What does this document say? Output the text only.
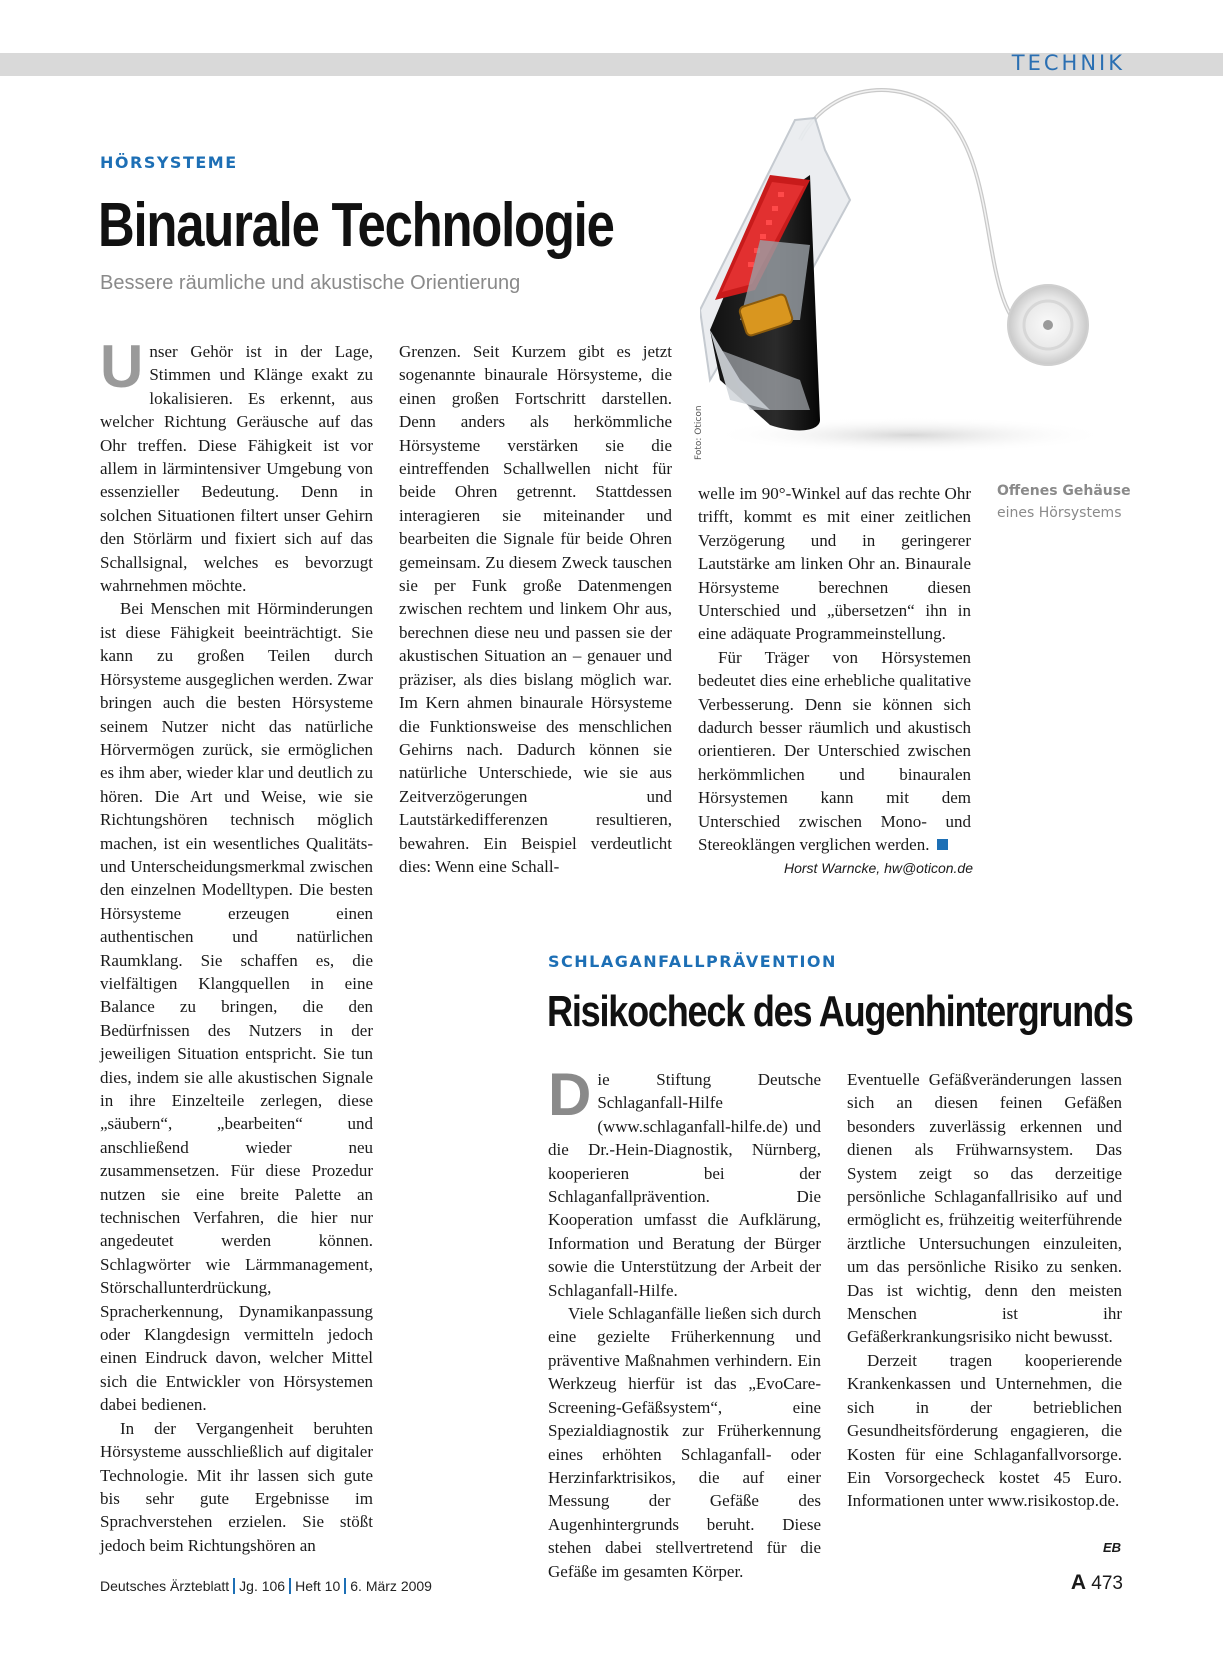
TECHNIK
HÖRSYSTEME
Binaurale Technologie
Bessere räumliche und akustische Orientierung
Foto: Oticon
Offenes Gehäuse
eines Hörsystems

Unser Gehör ist in der Lage, Stimmen und Klänge exakt zu lokalisieren. Es erkennt, aus welcher Richtung Geräusche auf das Ohr treffen. Diese Fähigkeit ist vor allem in lärmintensiver Umgebung von essenzieller Bedeutung. Denn in solchen Situationen filtert unser Gehirn den Störlärm und fixiert sich auf das Schallsignal, welches es bevorzugt wahrnehmen möchte.

Bei Menschen mit Hörminderungen ist diese Fähigkeit beeinträchtigt. Sie kann zu großen Teilen durch Hörsysteme ausgeglichen werden. Zwar bringen auch die besten Hörsysteme seinem Nutzer nicht das natürliche Hörvermögen zurück, sie ermöglichen es ihm aber, wieder klar und deutlich zu hören. Die Art und Weise, wie sie Richtungshören technisch möglich machen, ist ein wesentliches Qualitäts- und Unterscheidungsmerkmal zwischen den einzelnen Modelltypen. Die besten Hörsysteme erzeugen einen authentischen und natürlichen Raumklang. Sie schaffen es, die vielfältigen Klangquellen in eine Balance zu bringen, die den Bedürfnissen des Nutzers in der jeweiligen Situation entspricht. Sie tun dies, indem sie alle akustischen Signale in ihre Einzelteile zerlegen, diese „säubern“, „bearbeiten“ und anschließend wieder neu zusammensetzen. Für diese Prozedur nutzen sie eine breite Palette an technischen Verfahren, die hier nur angedeutet werden können. Schlagwörter wie Lärmmanagement, Störschallunterdrückung, Spracherkennung, Dynamikanpassung oder Klangdesign vermitteln jedoch einen Eindruck davon, welcher Mittel sich die Entwickler von Hörsystemen dabei bedienen.

In der Vergangenheit beruhten Hörsysteme ausschließlich auf digitaler Technologie. Mit ihr lassen sich gute bis sehr gute Ergebnisse im Sprachverstehen erzielen. Sie stößt jedoch beim Richtungshören an

Grenzen. Seit Kurzem gibt es jetzt sogenannte binaurale Hörsysteme, die einen großen Fortschritt darstellen. Denn anders als herkömmliche Hörsysteme verstärken sie die eintreffenden Schallwellen nicht für beide Ohren getrennt. Stattdessen interagieren sie miteinander und bearbeiten die Signale für beide Ohren gemeinsam. Zu diesem Zweck tauschen sie per Funk große Datenmengen zwischen rechtem und linkem Ohr aus, berechnen diese neu und passen sie der akustischen Situation an – genauer und präziser, als dies bislang möglich war. Im Kern ahmen binaurale Hörsysteme die Funktionsweise des menschlichen Gehirns nach. Dadurch können sie natürliche Unterschiede, wie sie aus Zeitverzögerungen und Lautstärkedifferenzen resultieren, bewahren. Ein Beispiel verdeutlicht dies: Wenn eine Schall-

welle im 90°-Winkel auf das rechte Ohr trifft, kommt es mit einer zeitlichen Verzögerung und in geringerer Lautstärke am linken Ohr an. Binaurale Hörsysteme berechnen diesen Unterschied und „übersetzen“ ihn in eine adäquate Programmeinstellung.

Für Träger von Hörsystemen bedeutet dies eine erhebliche qualitative Verbesserung. Denn sie können sich dadurch besser räumlich und akustisch orientieren. Der Unterschied zwischen herkömmlichen und binauralen Hörsystemen kann mit dem Unterschied zwischen Mono- und Stereoklängen verglichen werden.

Horst Warncke, hw@oticon.de
SCHLAGANFALLPRÄVENTION
Risikocheck des Augenhintergrunds

Die Stiftung Deutsche Schlaganfall-Hilfe (www.schlaganfall-hilfe.de) und die Dr.-Hein-Diagnostik, Nürnberg, kooperieren bei der Schlaganfallprävention. Die Kooperation umfasst die Aufklärung, Information und Beratung der Bürger sowie die Unterstützung der Arbeit der Schlaganfall-Hilfe.

Viele Schlaganfälle ließen sich durch eine gezielte Früherkennung und präventive Maßnahmen verhindern. Ein Werkzeug hierfür ist das „EvoCare-Screening-Gefäßsystem“, eine Spezialdiagnostik zur Früherkennung eines erhöhten Schlaganfall- oder Herzinfarktrisikos, die auf einer Messung der Gefäße des Augenhintergrunds beruht. Diese stehen dabei stellvertretend für die Gefäße im gesamten Körper.

Eventuelle Gefäßveränderungen lassen sich an diesen feinen Gefäßen besonders zuverlässig erkennen und dienen als Frühwarnsystem. Das System zeigt so das derzeitige persönliche Schlaganfallrisiko auf und ermöglicht es, frühzeitig weiterführende ärztliche Untersuchungen einzuleiten, um das persönliche Risiko zu senken. Das ist wichtig, denn den meisten Menschen ist ihr Gefäßerkrankungsrisiko nicht bewusst.

Derzeit tragen kooperierende Krankenkassen und Unternehmen, die sich in der betrieblichen Gesundheitsförderung engagieren, die Kosten für eine Schlaganfallvorsorge. Ein Vorsorgecheck kostet 45 Euro. Informationen unter www.risikostop.de.

EB
Deutsches Ärzteblatt Jg. 106 Heft 10 6. März 2009	A 473
